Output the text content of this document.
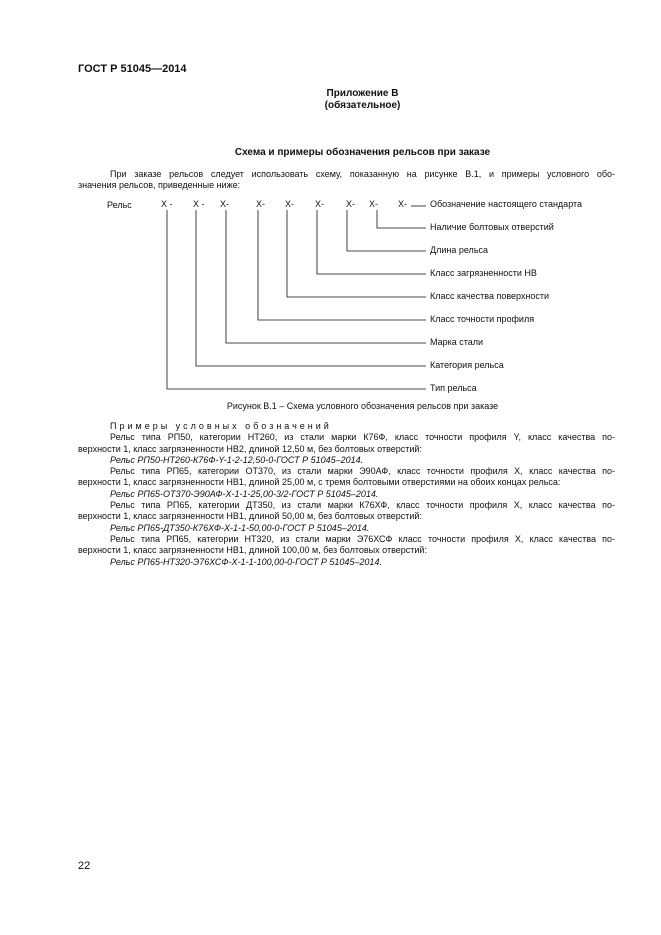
ГОСТ Р 51045—2014
Приложение В
(обязательное)
Схема и примеры обозначения рельсов при заказе
При заказе рельсов следует использовать схему, показанную на рисунке В.1, и примеры условного обо-
значения рельсов, приведенные ниже:
Рельс	X - X - X-	X- X- X- X- X- X-	Обозначение настоящего стандарта
Наличие болтовых отверстий
Длина рельса
Класс загрязненности НВ
Класс качества поверхности
Класс точности профиля
Марка стали
Категория рельса
Тип рельса
Рисунок В.1 – Схема условного обозначения рельсов при заказе
Примеры условных обозначений
Рельс типа РП50, категории НТ260, из стали марки К76Ф, класс точности профиля Y, класс качества по-
верхности 1, класс загрязненности НВ2, длиной 12,50 м, без болтовых отверстий:
Рельс РП50-НТ260-К76Ф-Y-1-2-12,50-0-ГОСТ Р 51045–2014.
Рельс типа РП65, категории ОТ370, из стали марки Э90АФ, класс точности профиля X, класс качества по-
верхности 1, класс загрязненности НВ1, длиной 25,00 м, с тремя болтовыми отверстиями на обоих концах рельса:
Рельс РП65-ОТ370-Э90АФ-X-1-1-25,00-3/2-ГОСТ Р 51045–2014.
Рельс типа РП65, категории ДТ350, из стали марки К76ХФ, класс точности профиля X, класс качества по-
верхности 1, класс загрязненности НВ1, длиной 50,00 м, без болтовых отверстий:
Рельс РП65-ДТ350-К76ХФ-X-1-1-50,00-0-ГОСТ Р 51045–2014.
Рельс типа РП65, категории НТ320, из стали марки Э76ХСФ класс точности профиля X, класс качества по-
верхности 1, класс загрязненности НВ1, длиной 100,00 м, без болтовых отверстий:
Рельс РП65-НТ320-Э76ХСФ-X-1-1-100,00-0-ГОСТ Р 51045–2014.
22
